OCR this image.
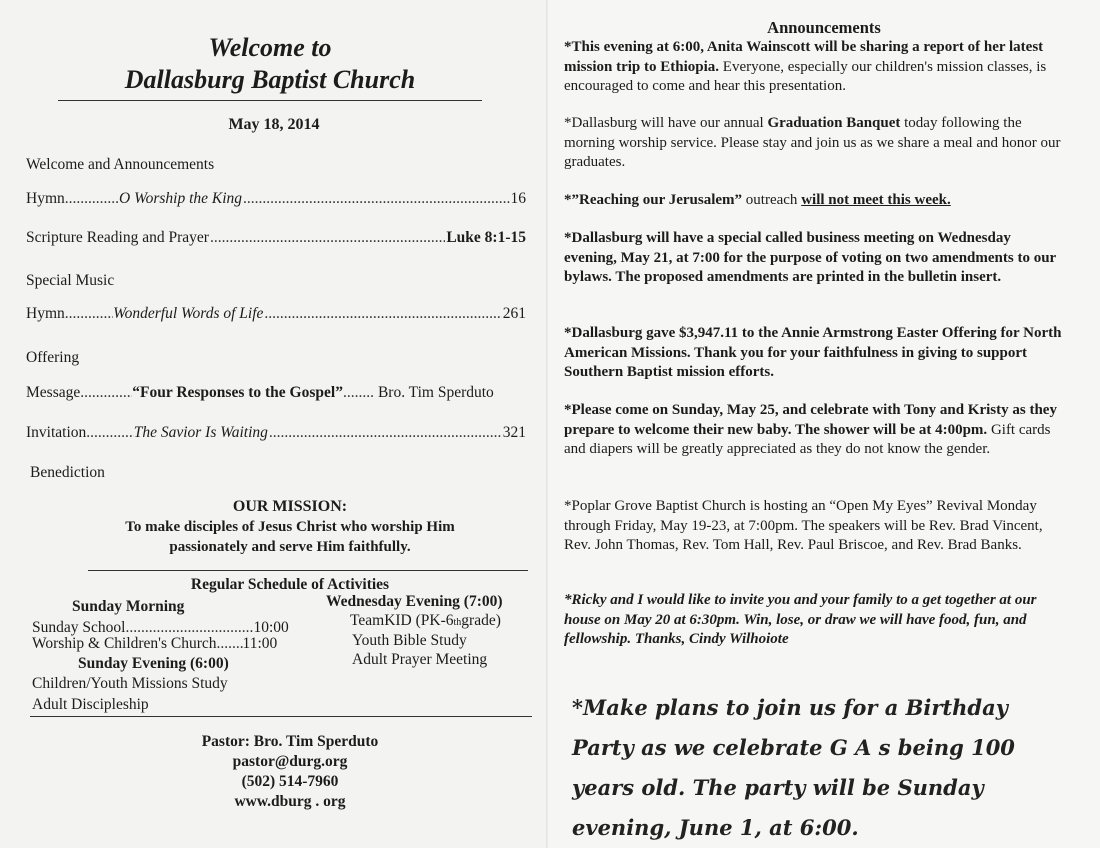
Welcome to
Dallasburg Baptist Church
May 18, 2014
Welcome and Announcements
Hymn .....	O Worship the King .....	16
Scripture Reading and Prayer .....	Luke 8:1-15
Special Music
Hymn .....	Wonderful Words of Life .....	261
Offering
Message .....	“Four Responses to the Gospel” ..... Bro. Tim Sperduto
Invitation .....	The Savior Is Waiting .....	321
Benediction
OUR MISSION:
To make disciples of Jesus Christ who worship Him
passionately and serve Him faithfully.
Regular Schedule of Activities
Sunday Morning
Sunday School .....	10:00
Worship & Children's Church ..... 11:00
Sunday Evening (6:00)
Children/Youth Missions Study
Adult Discipleship
Wednesday Evening (7:00)
TeamKID (PK-6 th grade)
Youth Bible Study
Adult Prayer Meeting
Pastor: Bro. Tim Sperduto
pastor@durg.org
(502) 514-7960
www.dburg . org
Announcements
*This evening at 6:00, Anita Wainscott will be sharing a report of her latest mission trip to Ethiopia. Everyone, especially our children's mission classes, is encouraged to come and hear this presentation.
*Dallasburg will have our annual Graduation Banquet today following the morning worship service. Please stay and join us as we share a meal and honor our graduates.
*”Reaching our Jerusalem” outreach will not meet this week.
*Dallasburg will have a special called business meeting on Wednesday evening, May 21, at 7:00 for the purpose of voting on two amendments to our bylaws. The proposed amendments are printed in the bulletin insert.
*Dallasburg gave $3,947.11 to the Annie Armstrong Easter Offering for North American Missions. Thank you for your faithfulness in giving to support Southern Baptist mission efforts.
*Please come on Sunday, May 25, and celebrate with Tony and Kristy as they prepare to welcome their new baby. The shower will be at 4:00pm. Gift cards and diapers will be greatly appreciated as they do not know the gender.
*Poplar Grove Baptist Church is hosting an “Open My Eyes” Revival Monday through Friday, May 19-23, at 7:00pm. The speakers will be Rev. Brad Vincent, Rev. John Thomas, Rev. Tom Hall, Rev. Paul Briscoe, and Rev. Brad Banks.
*Ricky and I would like to invite you and your family to a get together at our house on May 20 at 6:30pm. Win, lose, or draw we will have food, fun, and fellowship. Thanks, Cindy Wilhoiote
*Make plans to join us for a Birthday Party as we celebrate G A s being 100 years old. The party will be Sunday evening, June 1, at 6:00.
